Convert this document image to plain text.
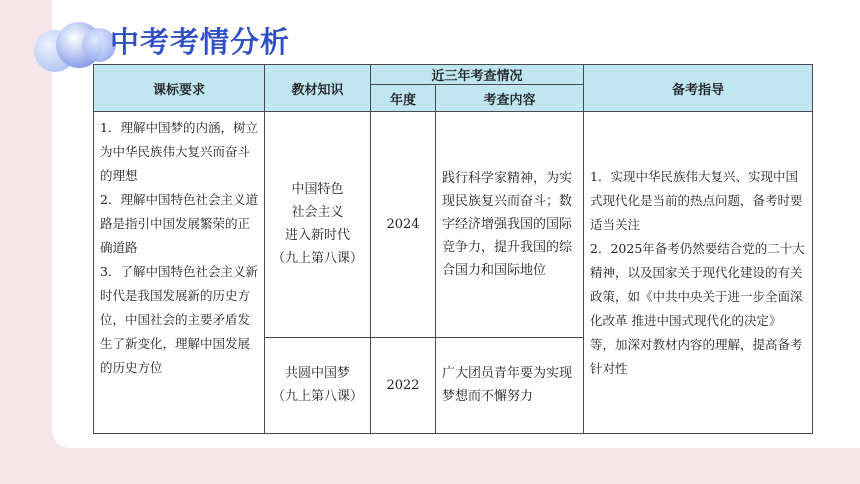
中考考情分析
课标要求	教材知识	近三年考查情况		备考指导
		年度	考查内容	

1．理解中国梦的内涵，树立为中华民族伟大复兴而奋斗的理想
2．理解中国特色社会主义道路是指引中国发展繁荣的正确道路
3．了解中国特色社会主义新时代是我国发展新的历史方位，中国社会的主要矛盾发生了新变化，理解中国发展的历史方位	中国特色
社会主义
进入新时代
（九上第八课）	2024	践行科学家精神，为实现民族复兴而奋斗；数字经济增强我国的国际竞争力，提升我国的综合国力和国际地位	1．实现中华民族伟大复兴、实现中国式现代化是当前的热点问题，备考时要适当关注
2．2025年备考仍然要结合党的二十大精神，以及国家关于现代化建设的有关政策，如《中共中央关于进一步全面深化改革 推进中国式现代化的决定》等，加深对教材内容的理解，提高备考针对性

	共圆中国梦
（九上第八课）	2022	广大团员青年要为实现梦想而不懈努力	
